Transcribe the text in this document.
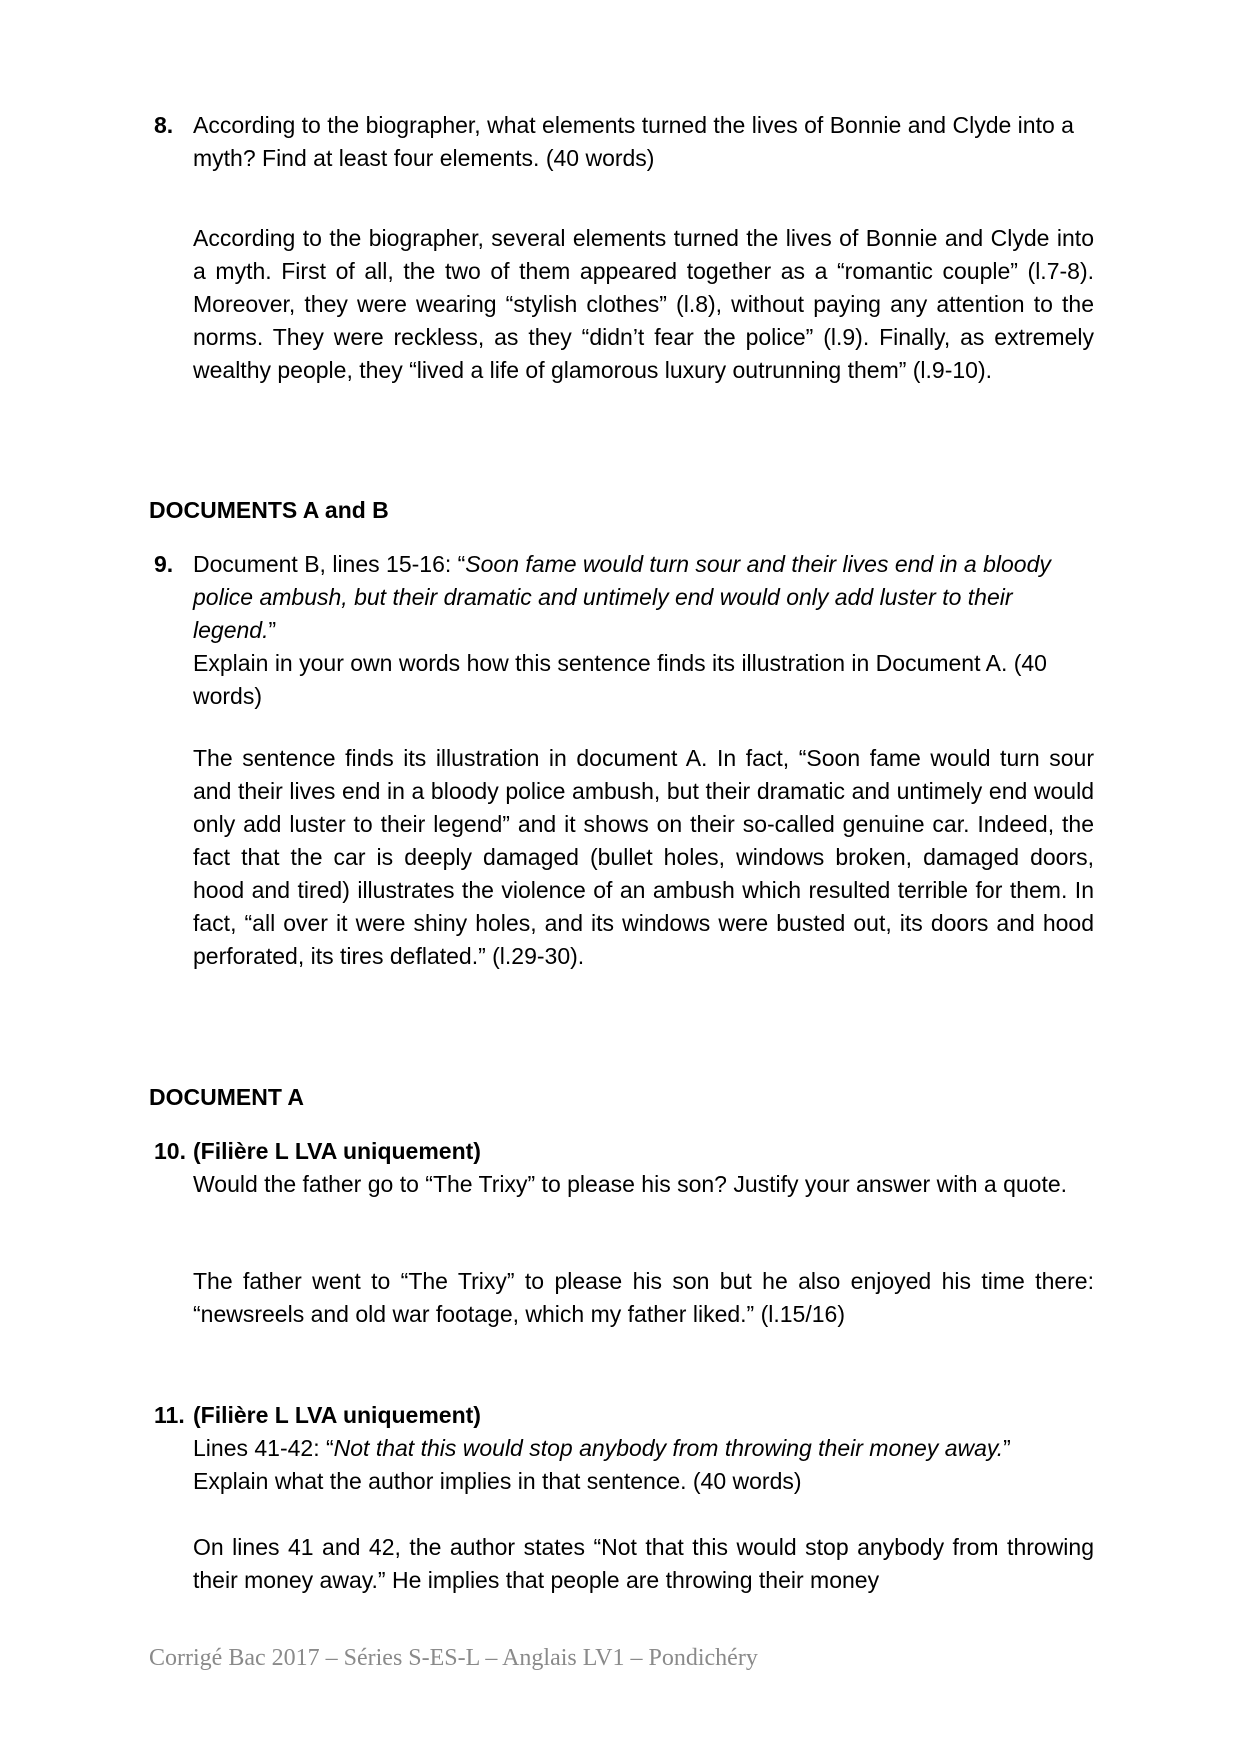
8. According to the biographer, what elements turned the lives of Bonnie and Clyde into a myth? Find at least four elements. (40 words)

According to the biographer, several elements turned the lives of Bonnie and Clyde into a myth. First of all, the two of them appeared together as a “romantic couple” (l.7-8). Moreover, they were wearing “stylish clothes” (l.8), without paying any attention to the norms. They were reckless, as they “didn’t fear the police” (l.9). Finally, as extremely wealthy people, they “lived a life of glamorous luxury outrunning them” (l.9-10).

DOCUMENTS A and B

9. Document B, lines 15-16: “Soon fame would turn sour and their lives end in a bloody police ambush, but their dramatic and untimely end would only add luster to their legend.”

Explain in your own words how this sentence finds its illustration in Document A. (40 words)

The sentence finds its illustration in document A. In fact, “Soon fame would turn sour and their lives end in a bloody police ambush, but their dramatic and untimely end would only add luster to their legend” and it shows on their so-called genuine car. Indeed, the fact that the car is deeply damaged (bullet holes, windows broken, damaged doors, hood and tired) illustrates the violence of an ambush which resulted terrible for them. In fact, “all over it were shiny holes, and its windows were busted out, its doors and hood perforated, its tires deflated.” (l.29-30).

DOCUMENT A

10. (Filière L LVA uniquement)

Would the father go to “The Trixy” to please his son? Justify your answer with a quote.

The father went to “The Trixy” to please his son but he also enjoyed his time there: “newsreels and old war footage, which my father liked.” (l.15/16)

11. (Filière L LVA uniquement)

Lines 41-42: “Not that this would stop anybody from throwing their money away.”

Explain what the author implies in that sentence. (40 words)

On lines 41 and 42, the author states “Not that this would stop anybody from throwing their money away.” He implies that people are throwing their money

Corrigé Bac 2017 – Séries S-ES-L – Anglais LV1 – Pondichéry
